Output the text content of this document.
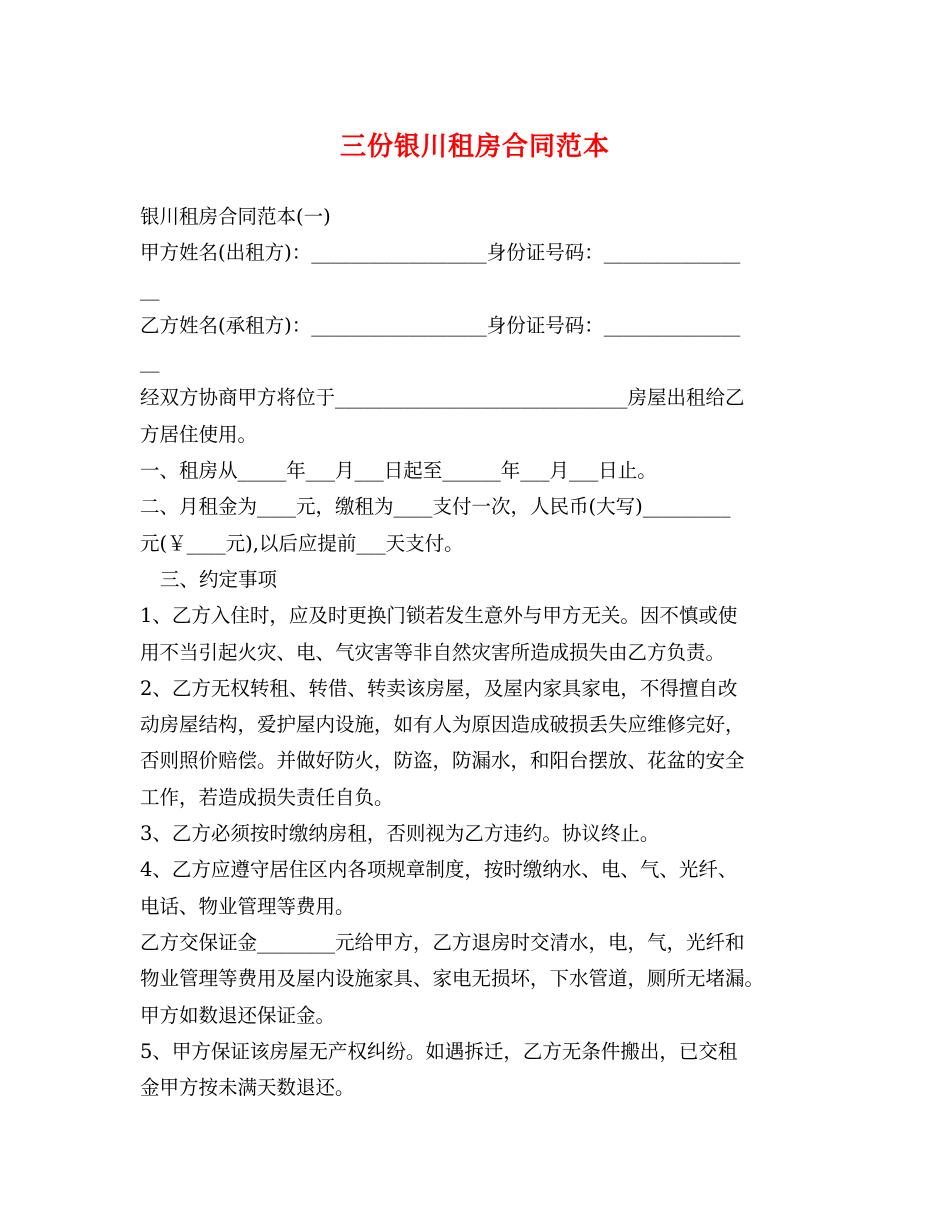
三份银川租房合同范本
银川租房合同范本(一)
甲方姓名(出租方)：__________________身份证号码：______________
__
乙方姓名(承租方)：__________________身份证号码：______________
__
经双方协商甲方将位于______________________________房屋出租给乙
方居住使用。
一、租房从_____年___月___日起至______年___月___日止。
二、月租金为____元，缴租为____支付一次，人民币(大写)_________
元(￥____元),以后应提前___天支付。
三、约定事项
1、乙方入住时，应及时更换门锁若发生意外与甲方无关。因不慎或使
用不当引起火灾、电、气灾害等非自然灾害所造成损失由乙方负责。
2、乙方无权转租、转借、转卖该房屋，及屋内家具家电，不得擅自改
动房屋结构，爱护屋内设施，如有人为原因造成破损丢失应维修完好，
否则照价赔偿。并做好防火，防盗，防漏水，和阳台摆放、花盆的安全
工作，若造成损失责任自负。
3、乙方必须按时缴纳房租，否则视为乙方违约。协议终止。
4、乙方应遵守居住区内各项规章制度，按时缴纳水、电、气、光纤、
电话、物业管理等费用。
乙方交保证金________元给甲方，乙方退房时交清水，电，气，光纤和
物业管理等费用及屋内设施家具、家电无损坏，下水管道，厕所无堵漏。
甲方如数退还保证金。
5、甲方保证该房屋无产权纠纷。如遇拆迁，乙方无条件搬出，已交租
金甲方按未满天数退还。
